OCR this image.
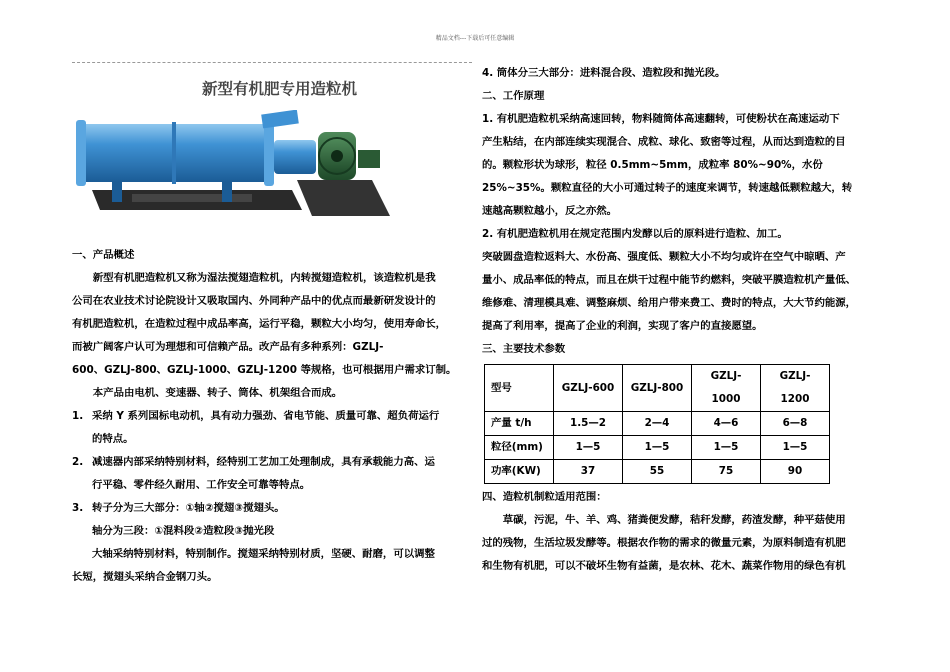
精品文档---下载后可任意编辑
新型有机肥专用造粒机

一、产品概述

新型有机肥造粒机又称为湿法搅翅造粒机，内转搅翅造粒机，该造粒机是我

公司在农业技术讨论院设计又吸取国内、外同种产品中的优点而最新研发设计的

有机肥造粒机，在造粒过程中成品率高，运行平稳，颗粒大小均匀，使用寿命长，

而被广阔客户认可为理想和可信赖产品。改产品有多种系列：GZLJ-

600、GZLJ-800、GZLJ-1000、GZLJ-1200 等规格，也可根据用户需求订制。

本产品由电机、变速器、转子、筒体、机架组合而成。

1. 采纳 Y 系列国标电动机，具有动力强劲、省电节能、质量可靠、超负荷运行

的特点。

2. 减速器内部采纳特别材料，经特别工艺加工处理制成，具有承载能力高、运

行平稳、零件经久耐用、工作安全可靠等特点。

3. 转子分为三大部分：①轴②搅翅③搅翅头。

轴分为三段：①混料段②造粒段③抛光段

大轴采纳特别材料，特别制作。搅翅采纳特别材质，坚硬、耐磨，可以调整

长短，搅翅头采纳合金钢刀头。

4. 筒体分三大部分：进料混合段、造粒段和抛光段。

二、工作原理

1. 有机肥造粒机采纳高速回转，物料随筒体高速翻转，可使粉状在高速运动下

产生粘结，在内部连续实现混合、成粒、球化、致密等过程，从而达到造粒的目

的。颗粒形状为球形，粒径 0.5mm~5mm，成粒率 80%~90%，水份

25%~35%。颗粒直径的大小可通过转子的速度来调节，转速越低颗粒越大，转

速越高颗粒越小，反之亦然。

2. 有机肥造粒机用在规定范围内发酵以后的原料进行造粒、加工。

突破圆盘造粒返料大、水份高、强度低、颗粒大小不均匀或许在空气中晾晒、产

量小、成品率低的特点，而且在烘干过程中能节约燃料，突破平膜造粒机产量低、

维修难、清理模具难、调整麻烦、给用户带来费工、费时的特点，大大节约能源，

提高了利用率，提高了企业的利润，实现了客户的直接愿望。

三、主要技术参数

型号	GZLJ-600	GZLJ-800	GZLJ-1000	GZLJ-1200
产量 t/h	1.5—2	2—4	4—6	6—8
粒径(mm)	1—5	1—5	1—5	1—5
功率(KW)	37	55	75	90

四、造粒机制粒适用范围：

草碳，污泥，牛、羊、鸡、猪粪便发酵，秸秆发酵，药渣发酵，种平菇使用

过的残物，生活垃圾发酵等。根据农作物的需求的微量元素，为原料制造有机肥

和生物有机肥，可以不破坏生物有益菌，是农林、花木、蔬菜作物用的绿色有机
